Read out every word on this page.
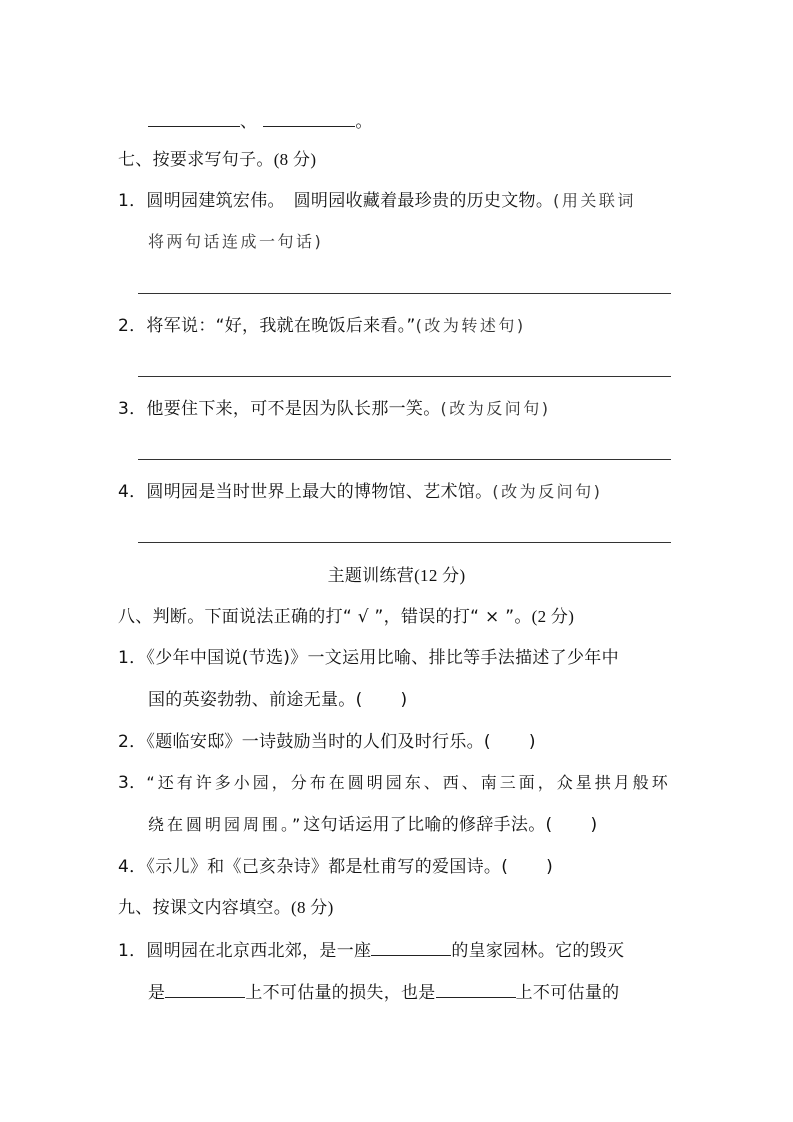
、	。
七、按要求写句子。(8 分)
1．圆明园建筑宏伟。　圆明园收藏着最珍贵的历史文物。(用关联词
将两句话连成一句话)
2．将军说：“好，我就在晚饭后来看。”(改为转述句)
3．他要住下来，可不是因为队长那一笑。(改为反问句)
4．圆明园是当时世界上最大的博物馆、艺术馆。(改为反问句)
主题训练营(12 分)
八、判断。下面说法正确的打“ √ ”，错误的打“ × ”。(2 分)
1．《少年中国说(节选)》一文运用比喻、排比等手法描述了少年中
国的英姿勃勃、前途无量。( )
2．《题临安邸》一诗鼓励当时的人们及时行乐。( )
3．“还有许多小园，分布在圆明园东、西、南三面，众星拱月般环
绕在圆明园周围。”这句话运用了比喻的修辞手法。( )
4．《示儿》和《己亥杂诗》都是杜甫写的爱国诗。( )
九、按课文内容填空。(8 分)
1．圆明园在北京西北郊，是一座	的皇家园林。它的毁灭
是	上不可估量的损失，也是	上不可估量的
